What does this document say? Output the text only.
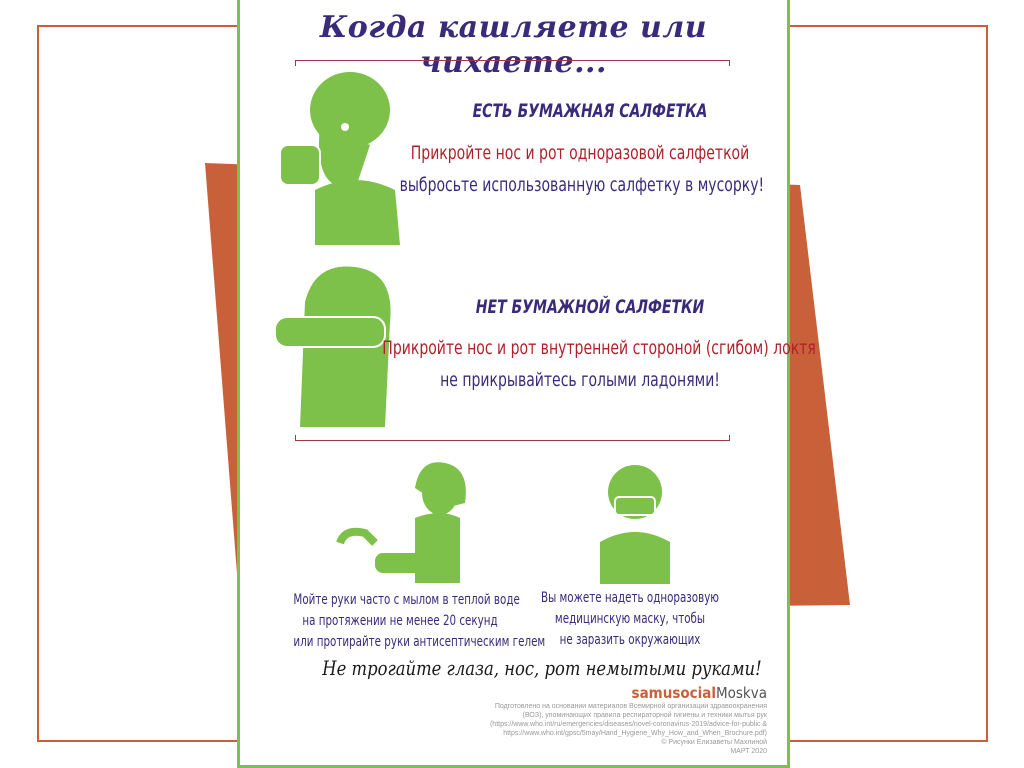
Когда кашляете или чихаете...
ЕСТЬ БУМАЖНАЯ САЛФЕТКА
Прикройте нос и рот одноразовой салфеткой
выбросьте использованную салфетку в мусорку!
НЕТ БУМАЖНОЙ САЛФЕТКИ
Прикройте нос и рот внутренней стороной (сгибом) локтя
не прикрывайтесь голыми ладонями!
Мойте руки часто с мылом в теплой воде
на протяжении не менее 20 секунд
или протирайте руки антисептическим гелем
Вы можете надеть одноразовую
медицинскую маску, чтобы
не заразить окружающих
Не трогайте глаза, нос, рот немытыми руками!
samusocialMoskva
Подготовлено на основании материалов Всемирной организации здравоохранения
(ВОЗ), упоминающих правила респираторной гигиены и техники мытья рук
(https://www.who.int/ru/emergencies/diseases/novel-coronavirus-2019/advice-for-public &
https://www.who.int/gpsc/5may/Hand_Hygiene_Why_How_and_When_Brochure.pdf)
© Рисунки Елизаветы Махлиной
МАРТ 2020
